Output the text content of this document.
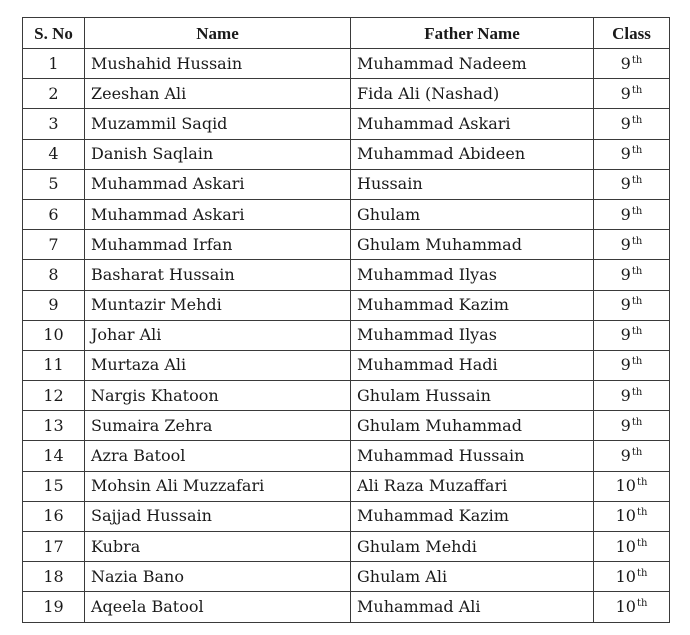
S. No	Name	Father Name	Class
1	Mushahid Hussain	Muhammad Nadeem	9th
2	Zeeshan Ali	Fida Ali (Nashad)	9th
3	Muzammil Saqid	Muhammad Askari	9th
4	Danish Saqlain	Muhammad Abideen	9th
5	Muhammad Askari	Hussain	9th
6	Muhammad Askari	Ghulam	9th
7	Muhammad Irfan	Ghulam Muhammad	9th
8	Basharat Hussain	Muhammad Ilyas	9th
9	Muntazir Mehdi	Muhammad Kazim	9th
10	Johar Ali	Muhammad Ilyas	9th
11	Murtaza Ali	Muhammad Hadi	9th
12	Nargis Khatoon	Ghulam Hussain	9th
13	Sumaira Zehra	Ghulam Muhammad	9th
14	Azra Batool	Muhammad Hussain	9th
15	Mohsin Ali Muzzafari	Ali Raza Muzaffari	10th
16	Sajjad Hussain	Muhammad Kazim	10th
17	Kubra	Ghulam Mehdi	10th
18	Nazia Bano	Ghulam Ali	10th
19	Aqeela Batool	Muhammad Ali	10th
